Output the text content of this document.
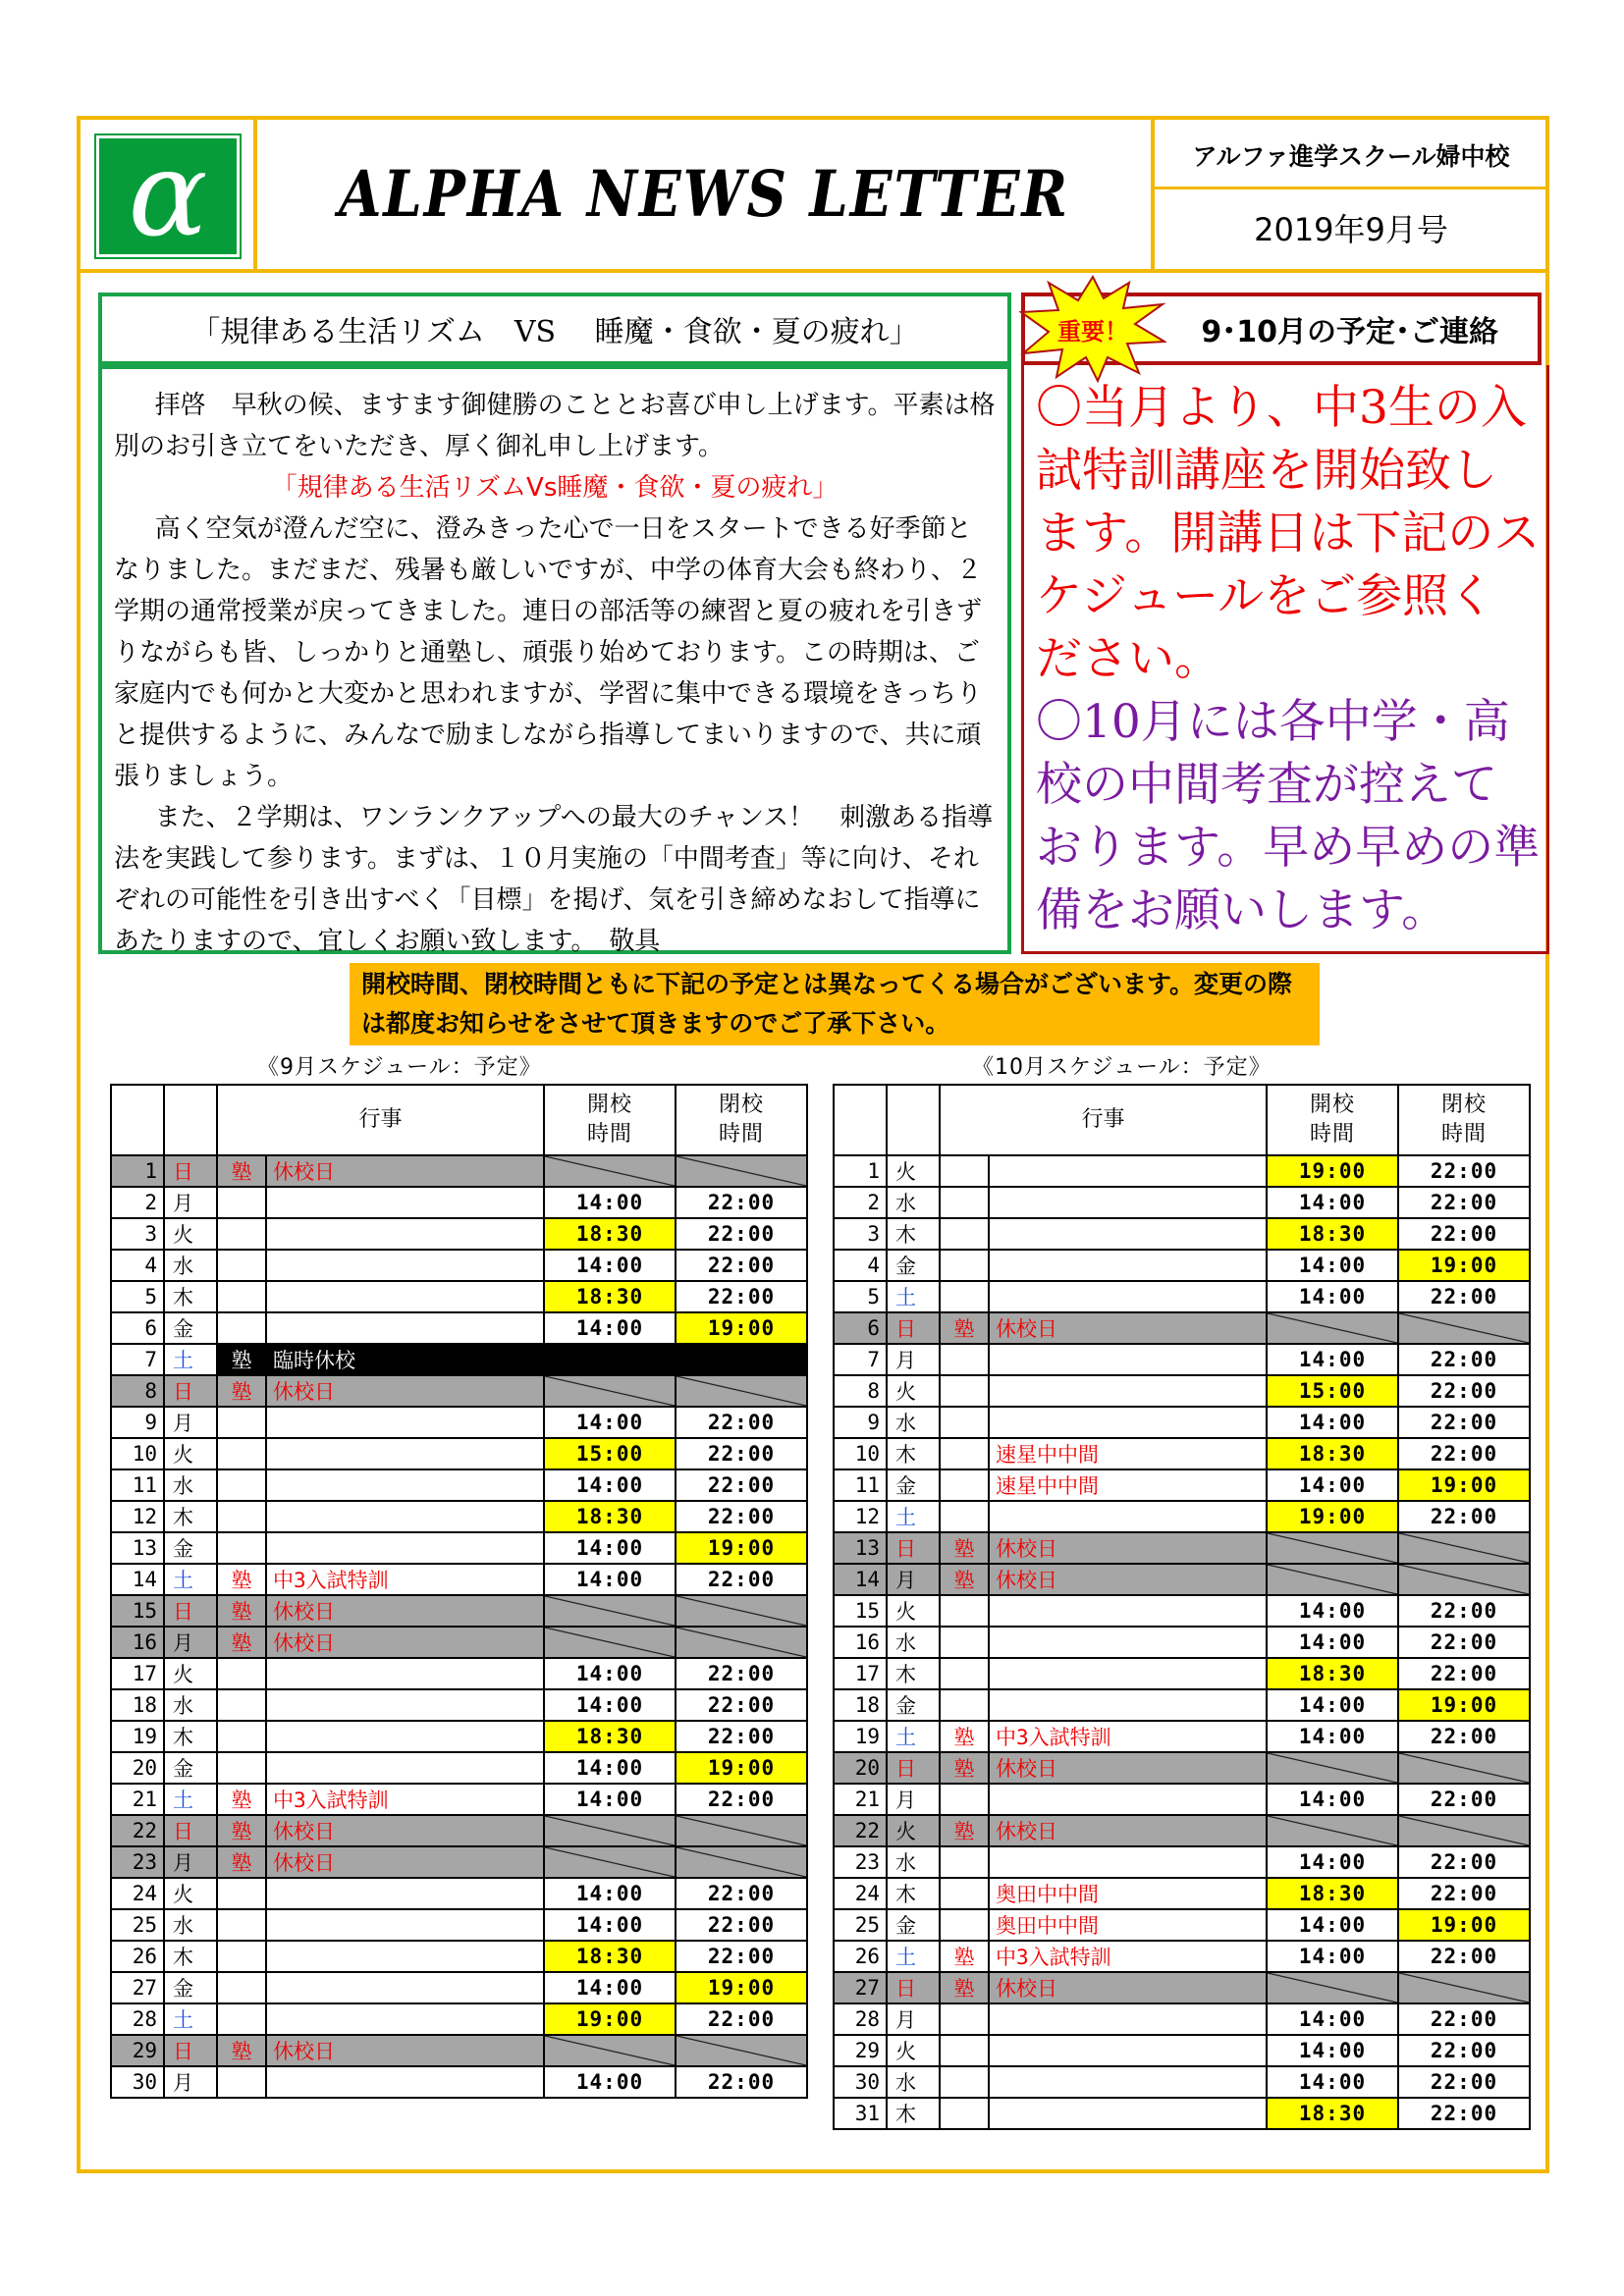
α	ALPHA NEWS LETTER
アルファ進学スクール婦中校
2019年9月号
「規律ある生活リズム　VS　 睡魔・食欲・夏の疲れ」

拝啓　早秋の候、ますます御健勝のこととお喜び申し上げます。平素は格別のお引き立てをいただき、厚く御礼申し上げます。

「規律ある生活リズムVs睡魔・食欲・夏の疲れ」

高く空気が澄んだ空に、澄みきった心で一日をスタートできる好季節となりました。まだまだ、残暑も厳しいですが、中学の体育大会も終わり、２学期の通常授業が戻ってきました。連日の部活等の練習と夏の疲れを引きずりながらも皆、しっかりと通塾し、頑張り始めております。この時期は、ご家庭内でも何かと大変かと思われますが、学習に集中できる環境をきっちりと提供するように、みんなで励ましながら指導してまいりますので、共に頑張りましょう。

また、２学期は、ワンランクアップへの最大のチャンス！　刺激ある指導法を実践して参ります。まずは、１０月実施の「中間考査」等に向け、それぞれの可能性を引き出すべく「目標」を掲げ、気を引き締めなおして指導にあたりますので、宜しくお願い致します。　敬具

9･10月の予定･ご連絡
重要！

〇当月より、中3生の入試特訓講座を開始致します。開講日は下記のスケジュールをご参照ください。

〇10月には各中学・高校の中間考査が控えております。早め早めの準備をお願いします。

開校時間、閉校時間ともに下記の予定とは異なってくる場合がございます。変更の際は都度お知らせをさせて頂きますのでご了承下さい。
《9月スケジュール：予定》	《10月スケジュール：予定》
		行事		開校
時間	閉校
時間
1	日	塾	休校日		
2	月			14:00	22:00
3	火			18:30	22:00
4	水			14:00	22:00
5	木			18:30	22:00
6	金			14:00	19:00
7	土	塾	臨時休校		
8	日	塾	休校日		
9	月			14:00	22:00
10	火			15:00	22:00
11	水			14:00	22:00
12	木			18:30	22:00
13	金			14:00	19:00
14	土	塾	中3入試特訓	14:00	22:00
15	日	塾	休校日		
16	月	塾	休校日		
17	火			14:00	22:00
18	水			14:00	22:00
19	木			18:30	22:00
20	金			14:00	19:00
21	土	塾	中3入試特訓	14:00	22:00
22	日	塾	休校日		
23	月	塾	休校日		
24	火			14:00	22:00
25	水			14:00	22:00
26	木			18:30	22:00
27	金			14:00	19:00
28	土			19:00	22:00
29	日	塾	休校日		
30	月			14:00	22:00
		行事		開校
時間	閉校
時間
1	火			19:00	22:00
2	水			14:00	22:00
3	木			18:30	22:00
4	金			14:00	19:00
5	土			14:00	22:00
6	日	塾	休校日		
7	月			14:00	22:00
8	火			15:00	22:00
9	水			14:00	22:00
10	木		速星中中間	18:30	22:00
11	金		速星中中間	14:00	19:00
12	土			19:00	22:00
13	日	塾	休校日		
14	月	塾	休校日		
15	火			14:00	22:00
16	水			14:00	22:00
17	木			18:30	22:00
18	金			14:00	19:00
19	土	塾	中3入試特訓	14:00	22:00
20	日	塾	休校日		
21	月			14:00	22:00
22	火	塾	休校日		
23	水			14:00	22:00
24	木		奥田中中間	18:30	22:00
25	金		奥田中中間	14:00	19:00
26	土	塾	中3入試特訓	14:00	22:00
27	日	塾	休校日		
28	月			14:00	22:00
29	火			14:00	22:00
30	水			14:00	22:00
31	木			18:30	22:00
